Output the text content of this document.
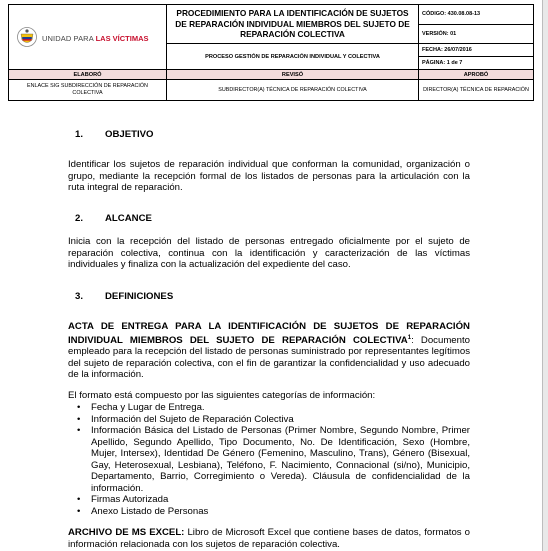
UNIDAD PARA LAS VÍCTIMAS	PROCEDIMIENTO PARA LA IDENTIFICACIÓN DE SUJETOS DE REPARACIÓN INDIVIDUAL MIEMBROS DEL SUJETO DE REPARACIÓN COLECTIVA	CÓDIGO: 430.08.08-13
		VERSIÓN: 01
	PROCESO GESTIÓN DE REPARACIÓN INDIVIDUAL Y COLECTIVA	FECHA: 26/07/2016
		PÁGINA: 1 de 7
ELABORÓ	REVISÓ	APROBÓ
ENLACE SIG SUBDIRECCIÓN DE REPARACIÓN COLECTIVA	SUBDIRECTOR(A) TÉCNICA DE REPARACIÓN COLECTIVA	DIRECTOR(A) TÉCNICA DE REPARACIÓN
1. OBJETIVO
Identificar los sujetos de reparación individual que conforman la comunidad, organización o grupo, mediante la recepción formal de los listados de personas para la articulación con la ruta integral de reparación.
2. ALCANCE
Inicia con la recepción del listado de personas entregado oficialmente por el sujeto de reparación colectiva, continua con la identificación y caracterización de las víctimas individuales y finaliza con la actualización del expediente del caso.
3. DEFINICIONES
ACTA DE ENTREGA PARA LA IDENTIFICACIÓN DE SUJETOS DE REPARACIÓN INDIVIDUAL MIEMBROS DEL SUJETO DE REPARACIÓN COLECTIVA$^1$: Documento empleado para la recepción del listado de personas suministrado por representantes legítimos del sujeto de reparación colectiva, con el fin de garantizar la confidencialidad y uso adecuado de la información.
El formato está compuesto por las siguientes categorías de información:
• Fecha y Lugar de Entrega.
• Información del Sujeto de Reparación Colectiva
• Información Básica del Listado de Personas (Primer Nombre, Segundo Nombre, Primer Apellido, Segundo Apellido, Tipo Documento, No. De Identificación, Sexo (Hombre, Mujer, Intersex), Identidad De Género (Femenino, Masculino, Trans), Género (Bisexual, Gay, Heterosexual, Lesbiana), Teléfono, F. Nacimiento, Connacional (si/no), Municipio, Departamento, Barrio, Corregimiento o Vereda). Cláusula de confidencialidad de la información.
• Firmas Autorizada
• Anexo Listado de Personas
ARCHIVO DE MS EXCEL: Libro de Microsoft Excel que contiene bases de datos, formatos o información relacionada con los sujetos de reparación colectiva.
